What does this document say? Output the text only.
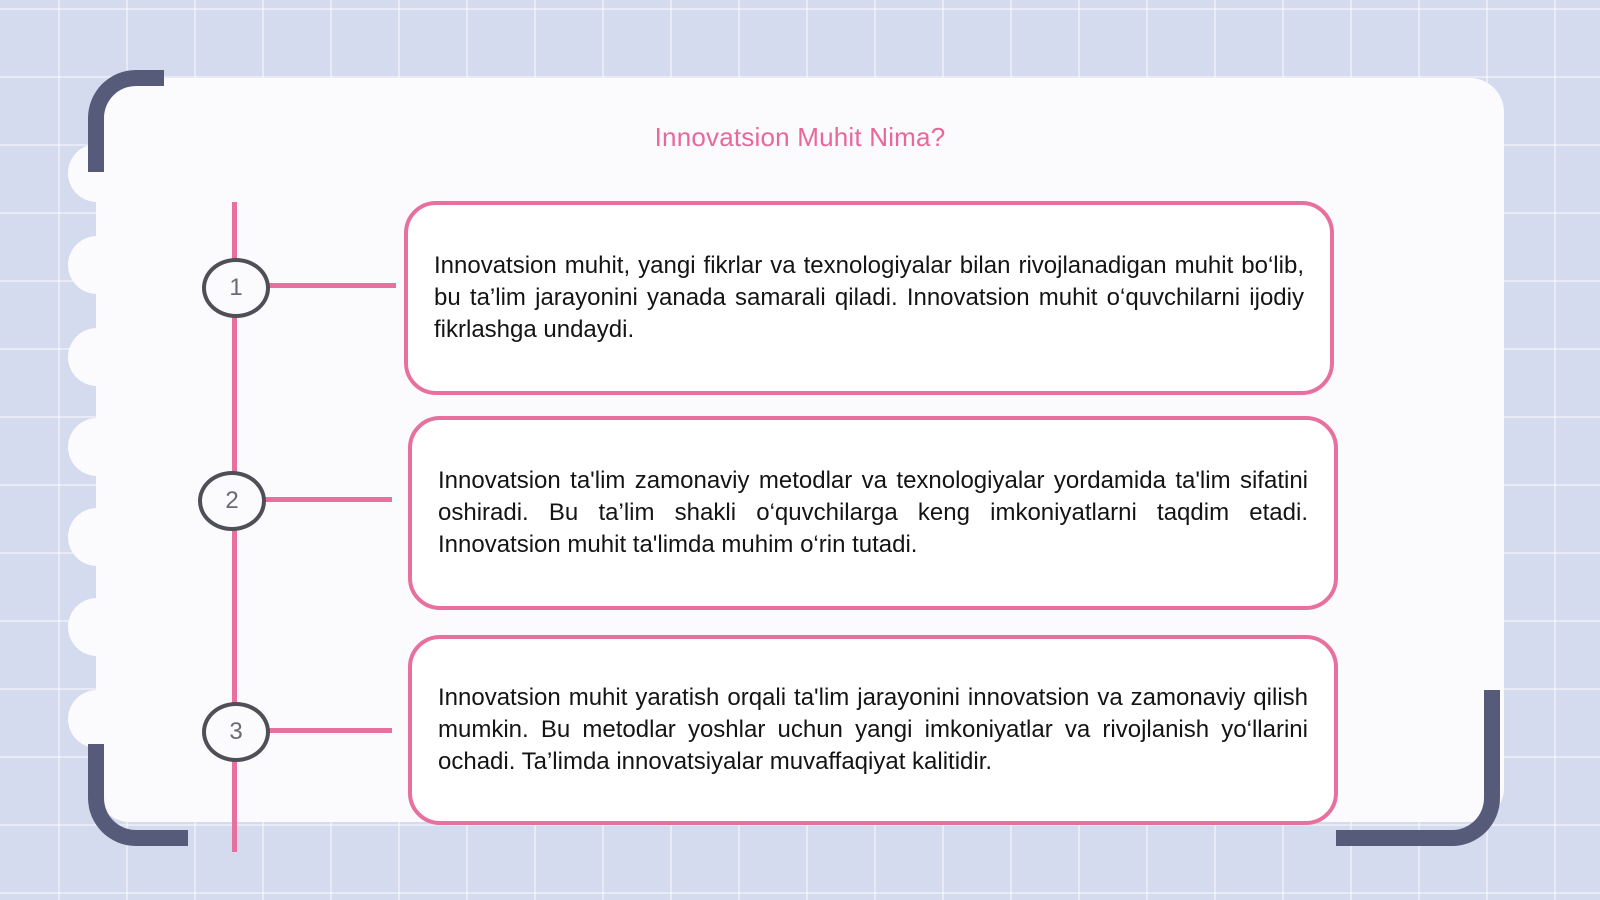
Innovatsion Muhit Nima?
1

Innovatsion muhit, yangi fikrlar va texnologiyalar bilan rivojlanadigan muhit bo‘lib, bu ta’lim jarayonini yanada samarali qiladi. Innovatsion muhit o‘quvchilarni ijodiy fikrlashga undaydi.

2

Innovatsion ta'lim zamonaviy metodlar va texnologiyalar yordamida ta'lim sifatini oshiradi. Bu ta’lim shakli o‘quvchilarga keng imkoniyatlarni taqdim etadi. Innovatsion muhit ta'limda muhim o‘rin tutadi.

3

Innovatsion muhit yaratish orqali ta'lim jarayonini innovatsion va zamonaviy qilish mumkin. Bu metodlar yoshlar uchun yangi imkoniyatlar va rivojlanish yo‘llarini ochadi. Ta’limda innovatsiyalar muvaffaqiyat kalitidir.
